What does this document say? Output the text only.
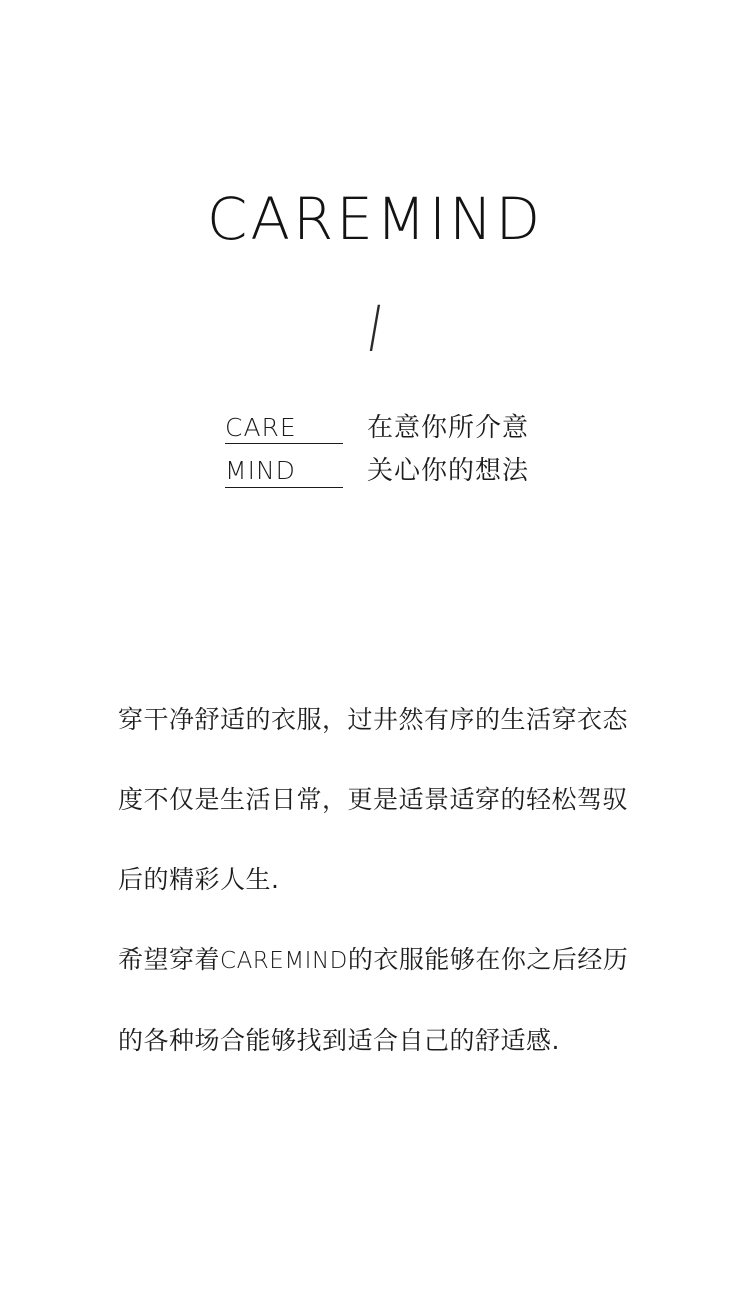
CAREMIND
/
CARE	在意你所介意
MIND	关心你的想法

穿干净舒适的衣服，过井然有序的生活穿衣态度不仅是生活日常，更是适景适穿的轻松驾驭后的精彩人生.

希望穿着CAREMIND的衣服能够在你之后经历的各种场合能够找到适合自己的舒适感.
